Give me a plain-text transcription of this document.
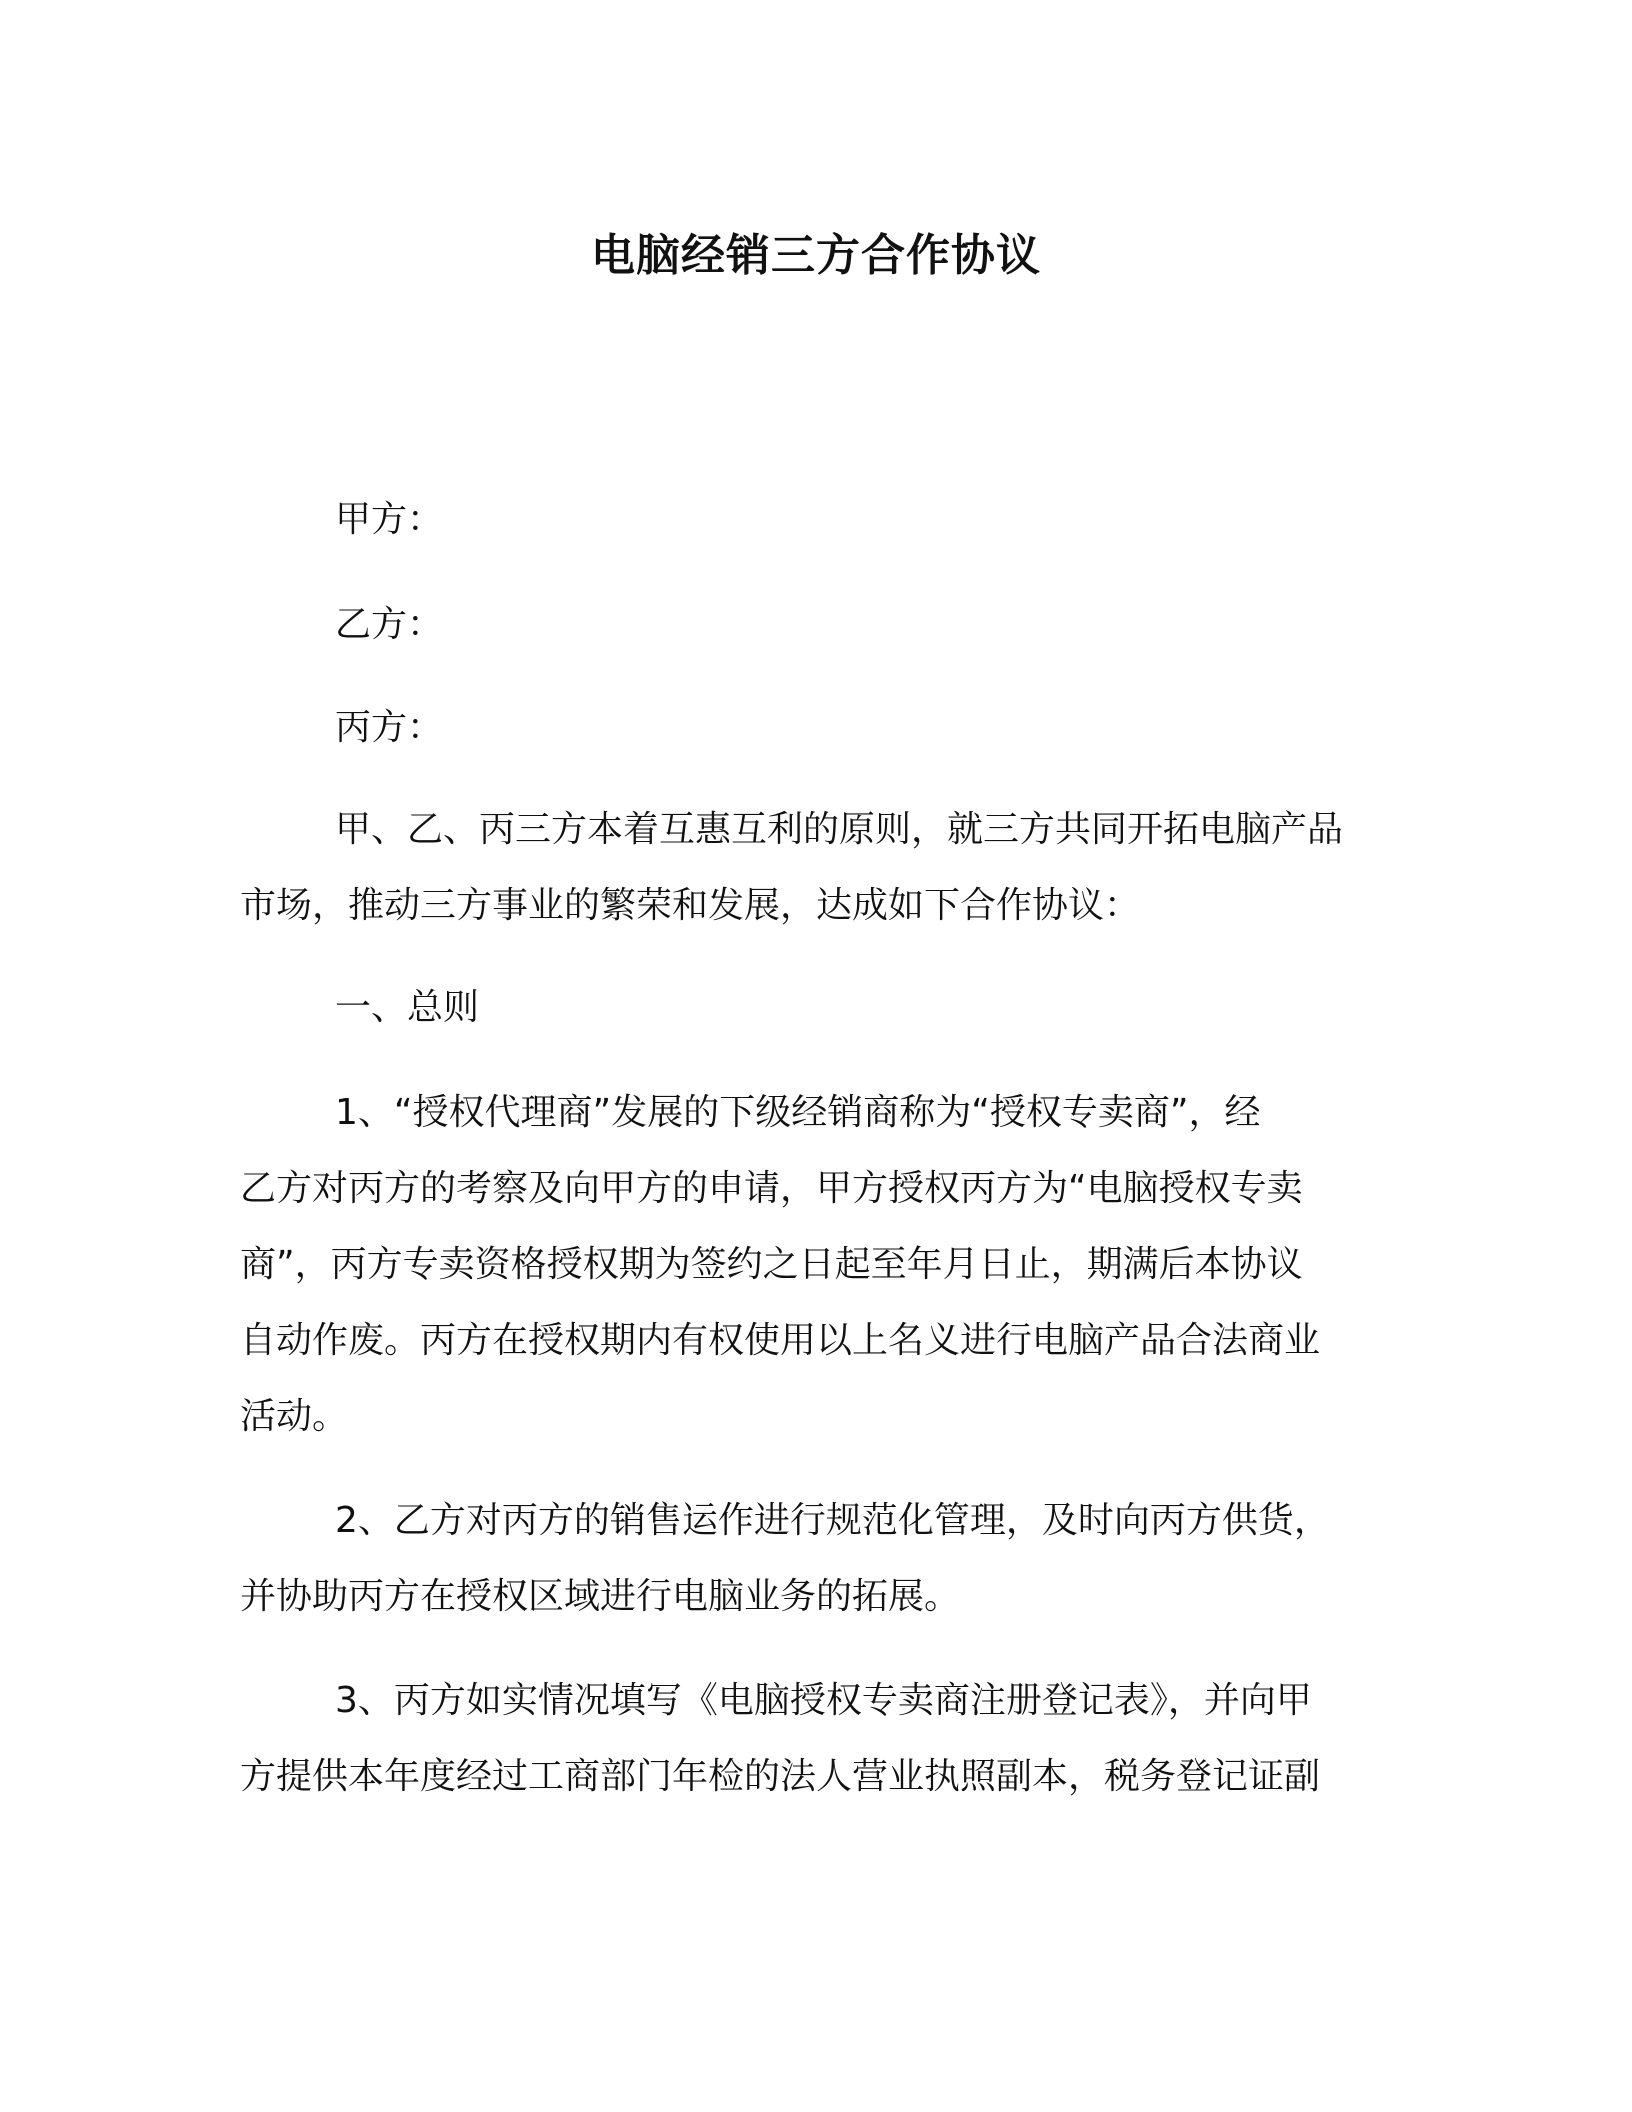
电脑经销三方合作协议
甲方：
乙方：
丙方：
甲、乙、丙三方本着互惠互利的原则，就三方共同开拓电脑产品
市场，推动三方事业的繁荣和发展，达成如下合作协议：
一、总则
1、“授权代理商”发展的下级经销商称为“授权专卖商”，经
乙方对丙方的考察及向甲方的申请，甲方授权丙方为“电脑授权专卖
商”，丙方专卖资格授权期为签约之日起至年月日止，期满后本协议
自动作废。丙方在授权期内有权使用以上名义进行电脑产品合法商业
活动。
2、乙方对丙方的销售运作进行规范化管理，及时向丙方供货，
并协助丙方在授权区域进行电脑业务的拓展。
3、丙方如实情况填写《电脑授权专卖商注册登记表》，并向甲
方提供本年度经过工商部门年检的法人营业执照副本，税务登记证副
